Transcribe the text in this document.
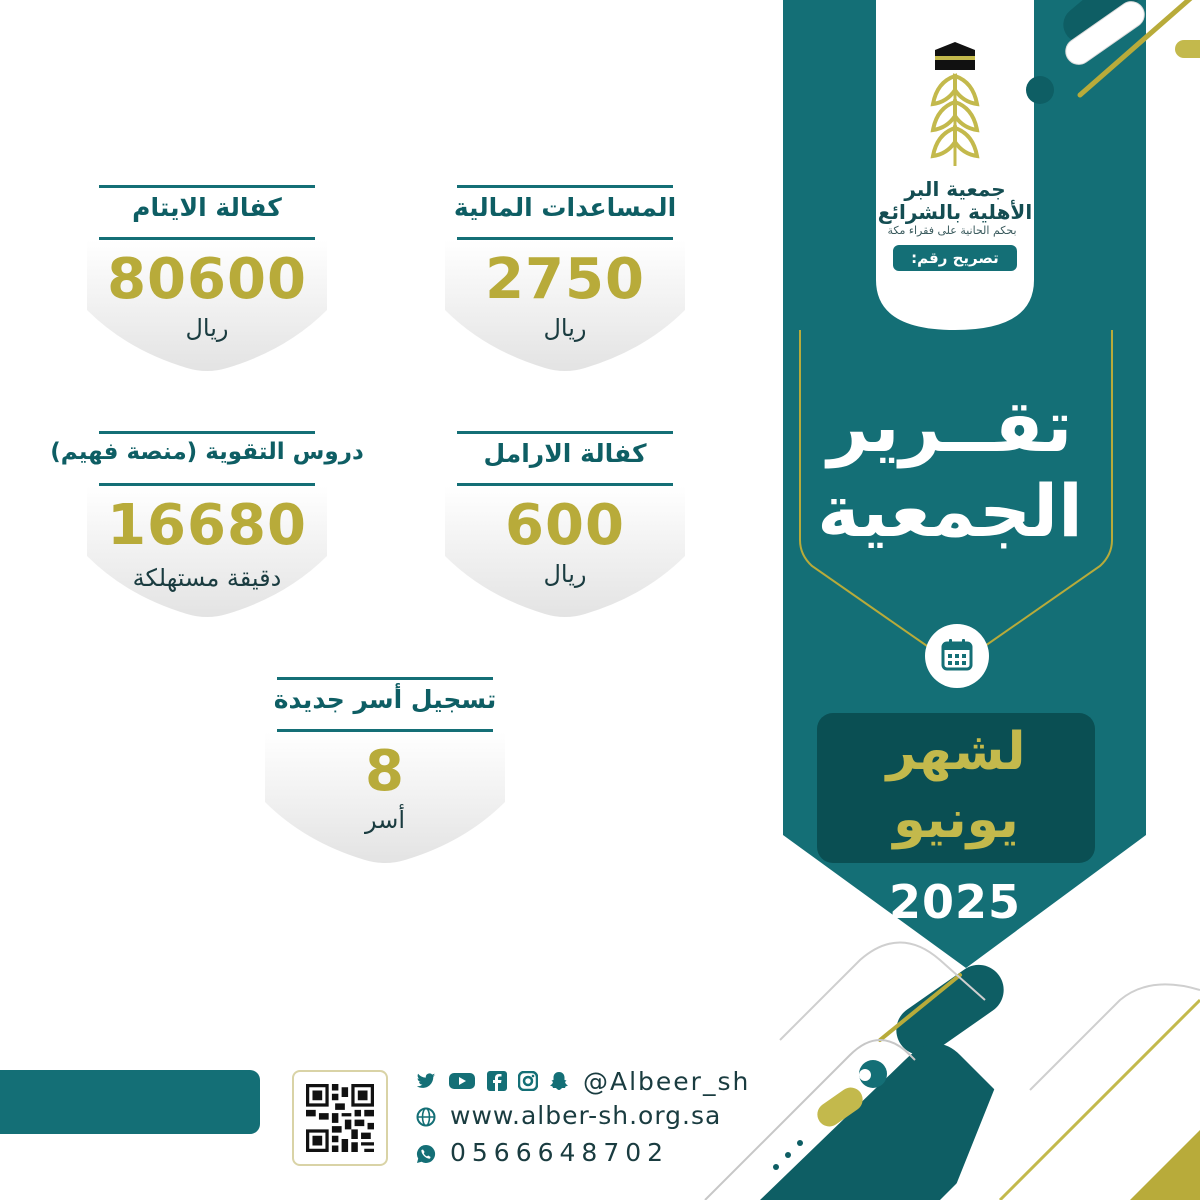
جمعية البر
الأهلية بالشرائع
بحكم الحانية على فقراء مكة
تصريح رقم: 702
تقــرير
الجمعية
لشهر
يونيو
2025
المساعدات المالية
2750
ريال
كفالة الايتام
80600
ريال
كفالة الارامل
600
ريال
دروس التقوية (منصة فهيم)
16680
دقيقة مستهلكة
تسجيل أسر جديدة
8
أسر
@Albeer_sh
www.alber-sh.org.sa
0566648702
